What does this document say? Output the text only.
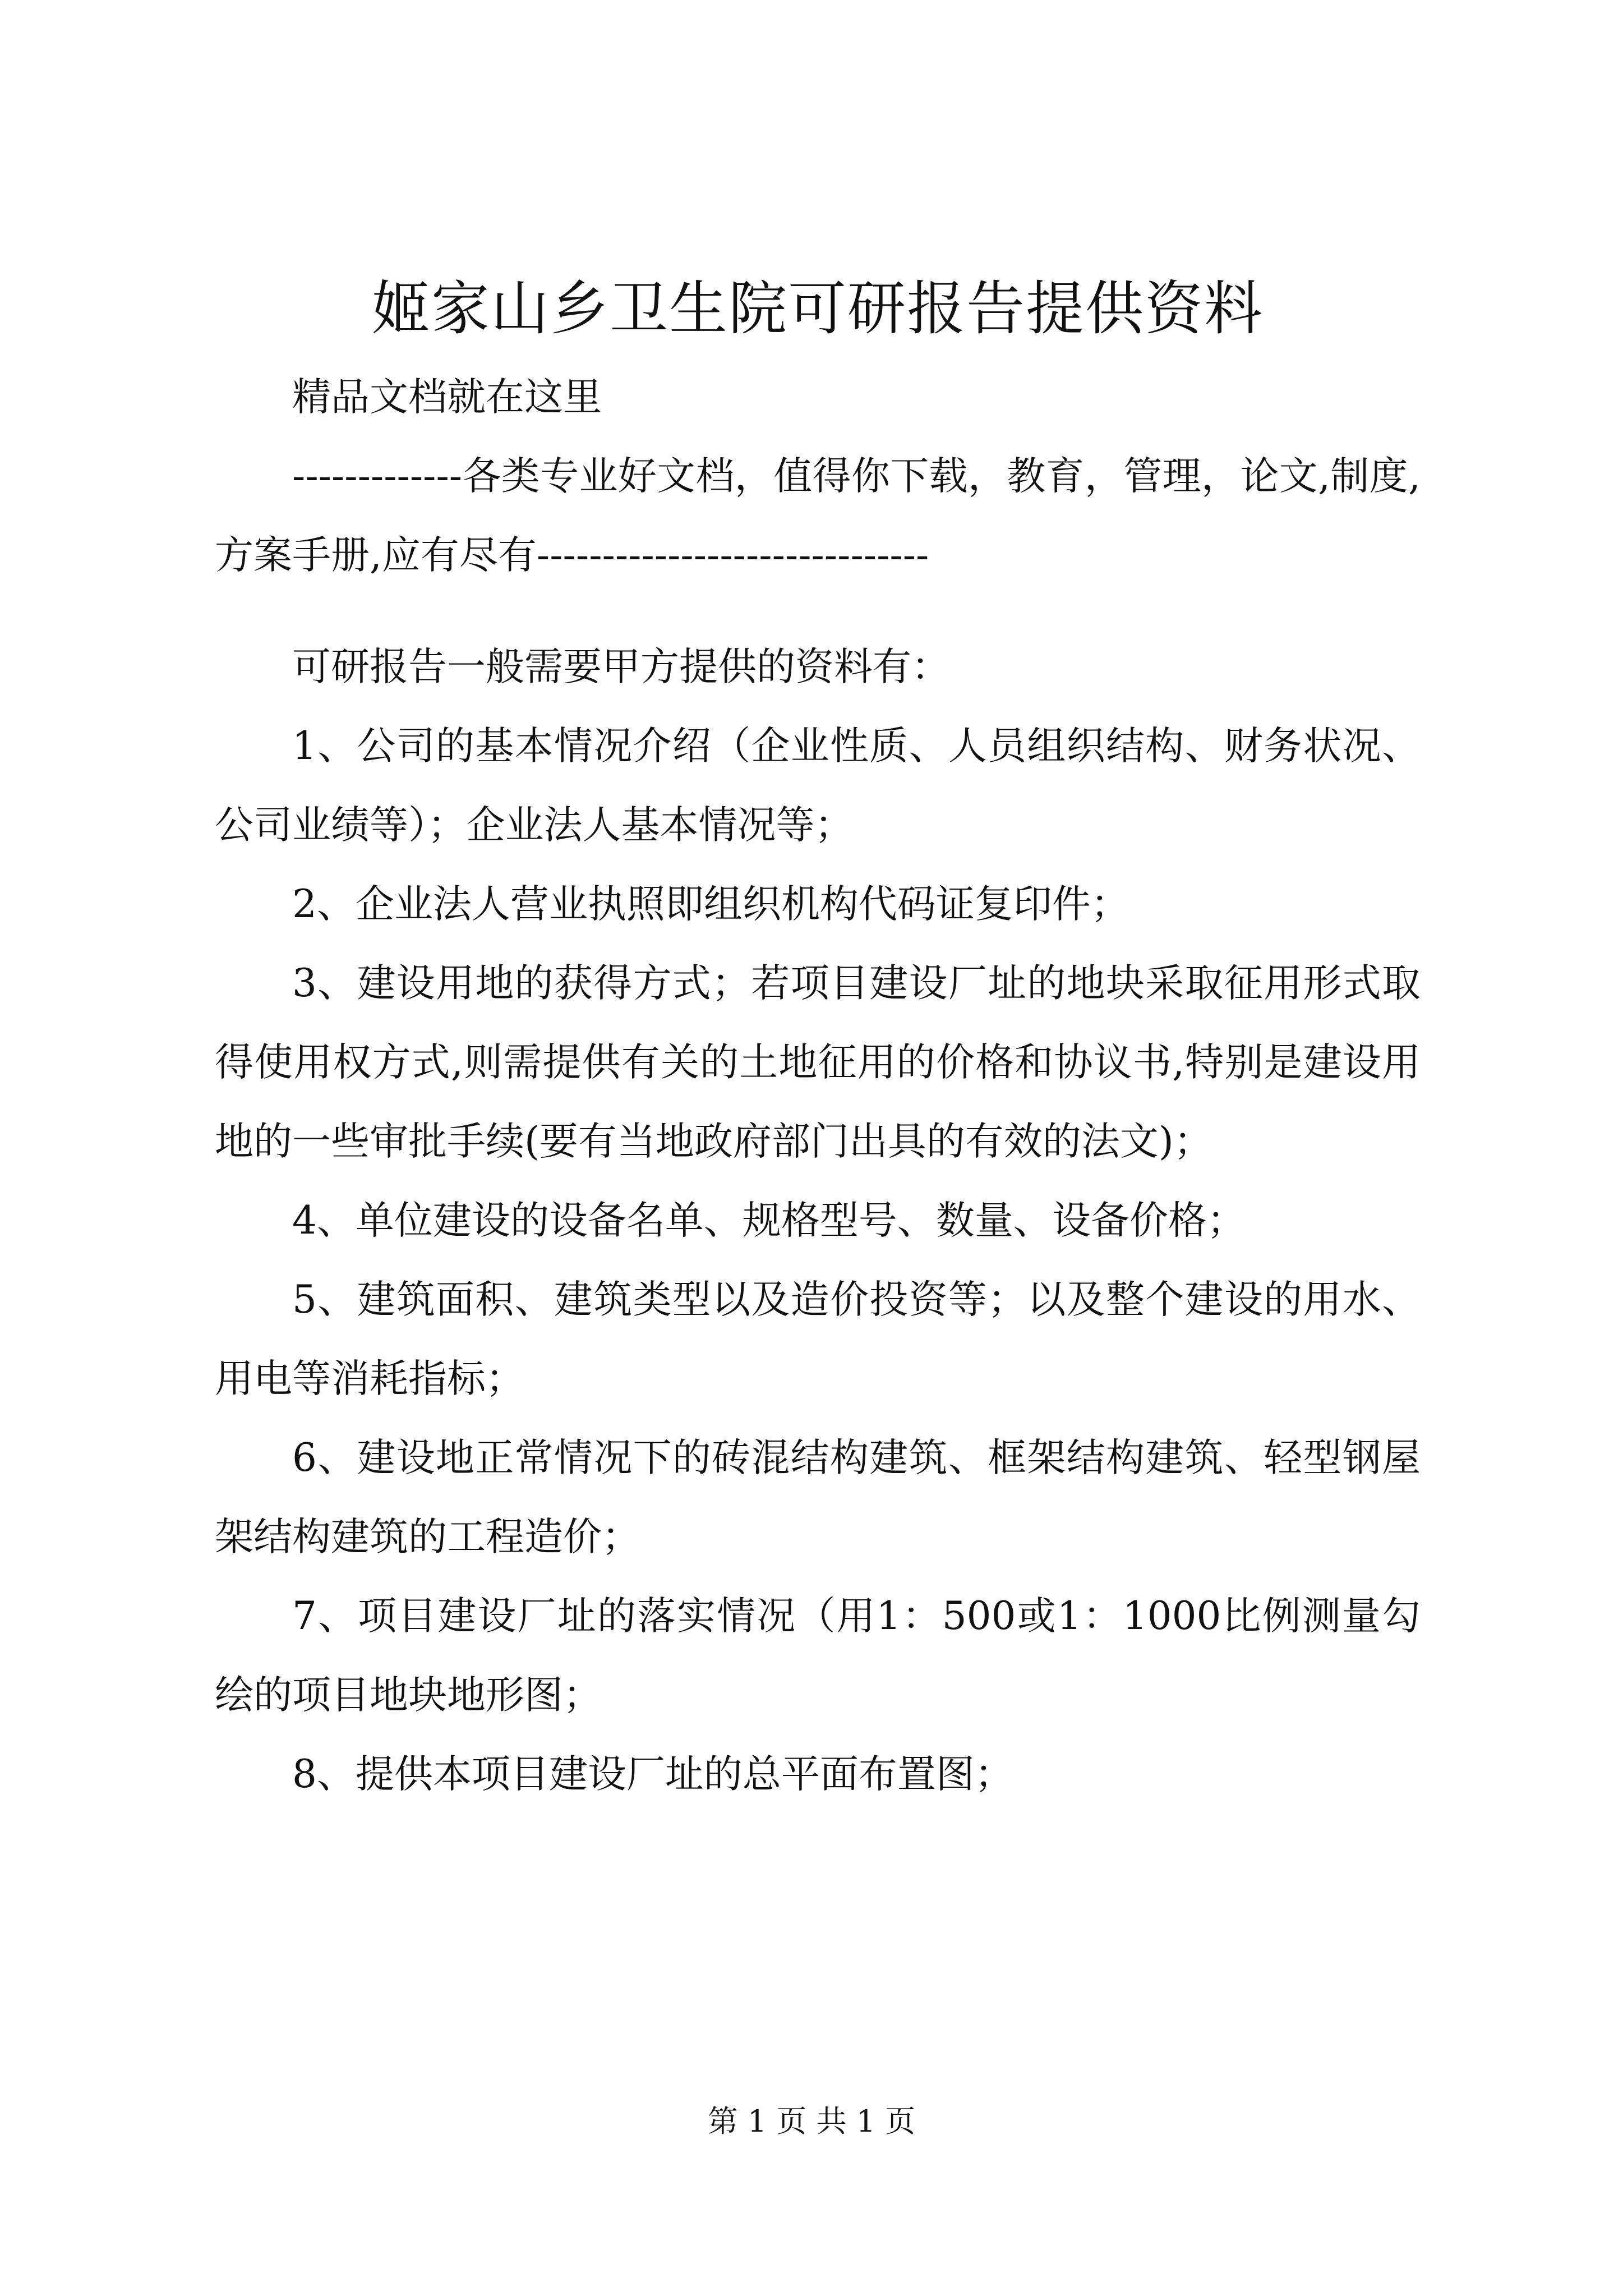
姬家山乡卫生院可研报告提供资料

精品文档就在这里

-------------各类专业好文档，值得你下载，教育，管理，论文,制度,方案手册,应有尽有------------------------------

可研报告一般需要甲方提供的资料有：

1、公司的基本情况介绍（企业性质、人员组织结构、财务状况、公司业绩等）；企业法人基本情况等；

2、企业法人营业执照即组织机构代码证复印件；

3、建设用地的获得方式；若项目建设厂址的地块采取征用形式取得使用权方式,则需提供有关的土地征用的价格和协议书,特别是建设用地的一些审批手续(要有当地政府部门出具的有效的法文)；

4、单位建设的设备名单、规格型号、数量、设备价格；

5、建筑面积、建筑类型以及造价投资等；以及整个建设的用水、用电等消耗指标；

6、建设地正常情况下的砖混结构建筑、框架结构建筑、轻型钢屋架结构建筑的工程造价；

7、项目建设厂址的落实情况（用1：500或1：1000比例测量勾绘的项目地块地形图；

8、提供本项目建设厂址的总平面布置图；

第 1 页 共 1 页
